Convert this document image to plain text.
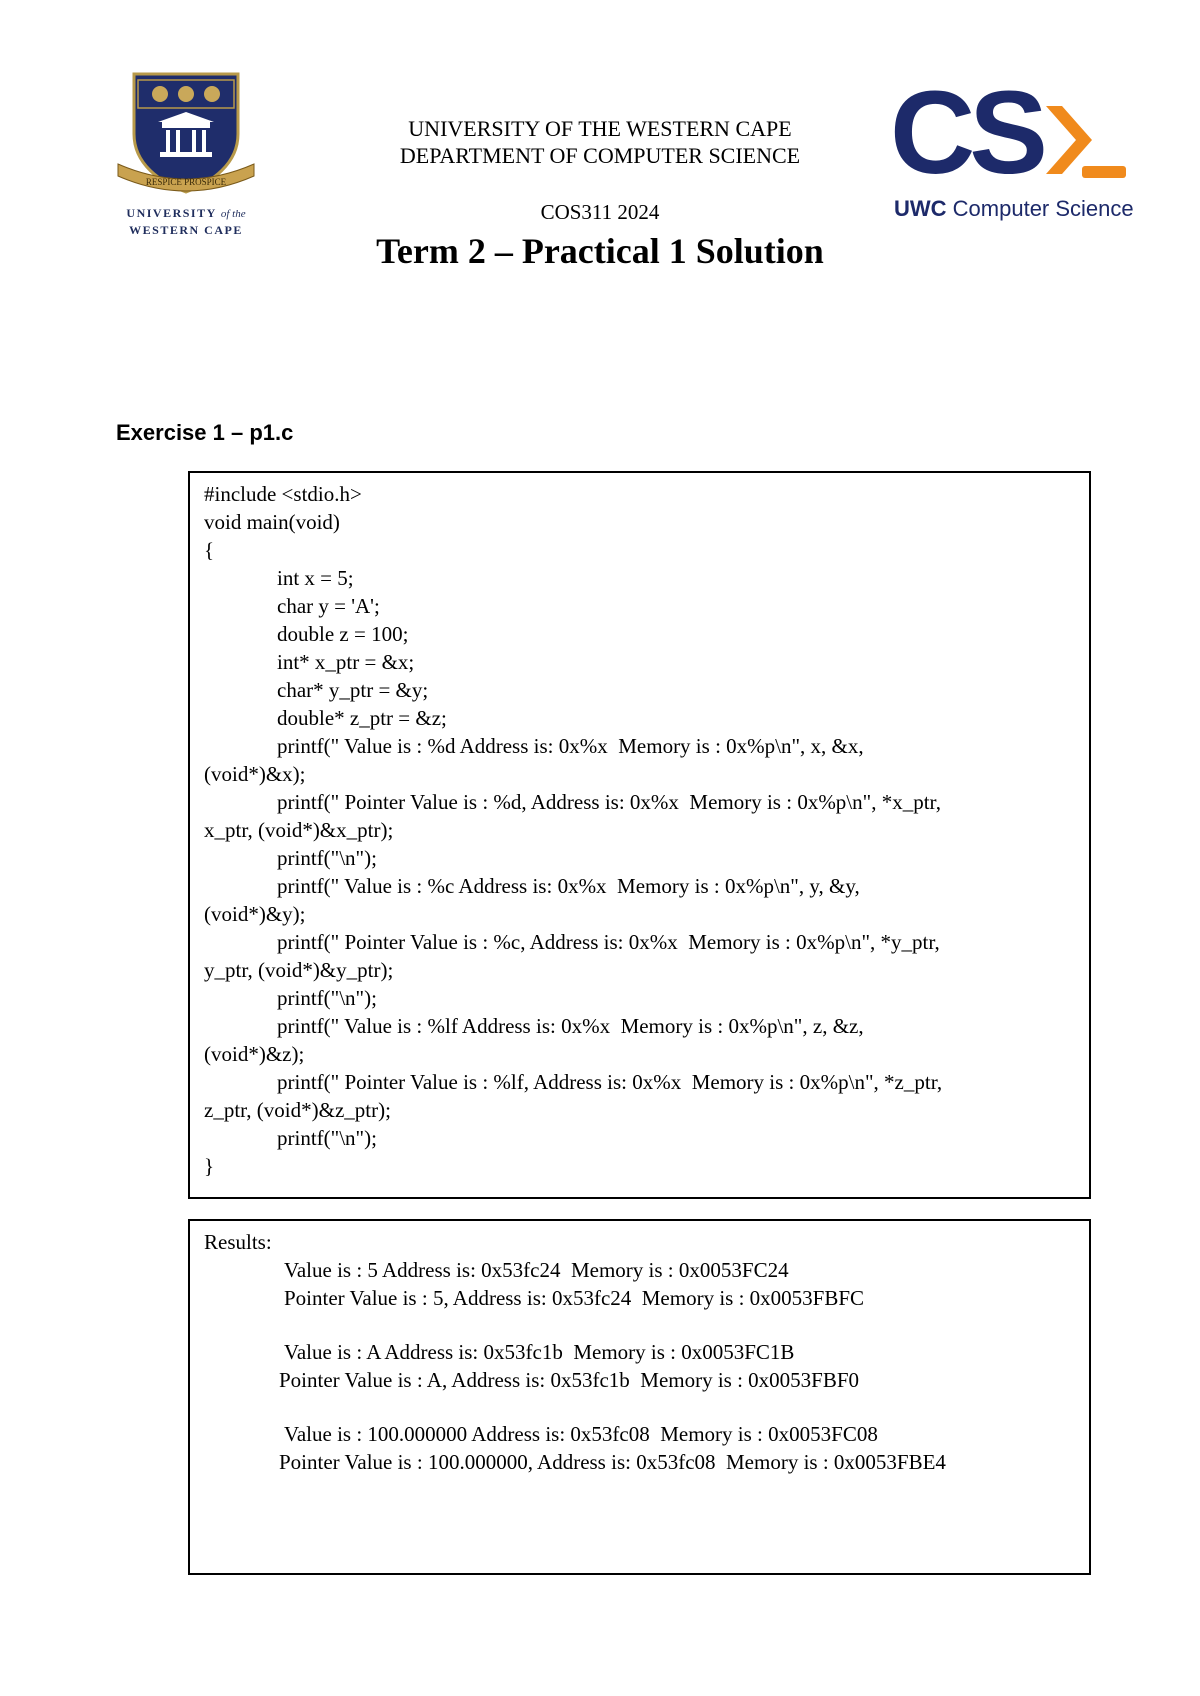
RESPICE PROSPICE
UNIVERSITY of the
WESTERN CAPE
UNIVERSITY OF THE WESTERN CAPE
DEPARTMENT OF COMPUTER SCIENCE
COS311 2024
Term 2 – Practical 1 Solution
CS
UWC Computer Science
Exercise 1 – p1.c
#include <stdio.h>
void main(void)
{
int x = 5;
char y = 'A';
double z = 100;
int* x_ptr = &x;
char* y_ptr = &y;
double* z_ptr = &z;
printf(" Value is : %d Address is: 0x%x  Memory is : 0x%p\n", x, &x,
(void*)&x);
printf(" Pointer Value is : %d, Address is: 0x%x  Memory is : 0x%p\n", *x_ptr,
x_ptr, (void*)&x_ptr);
printf("\n");
printf(" Value is : %c Address is: 0x%x  Memory is : 0x%p\n", y, &y,
(void*)&y);
printf(" Pointer Value is : %c, Address is: 0x%x  Memory is : 0x%p\n", *y_ptr,
y_ptr, (void*)&y_ptr);
printf("\n");
printf(" Value is : %lf Address is: 0x%x  Memory is : 0x%p\n", z, &z,
(void*)&z);
printf(" Pointer Value is : %lf, Address is: 0x%x  Memory is : 0x%p\n", *z_ptr,
z_ptr, (void*)&z_ptr);
printf("\n");
}
Results:
Value is : 5 Address is: 0x53fc24  Memory is : 0x0053FC24
Pointer Value is : 5, Address is: 0x53fc24  Memory is : 0x0053FBFC
Value is : A Address is: 0x53fc1b  Memory is : 0x0053FC1B
Pointer Value is : A, Address is: 0x53fc1b  Memory is : 0x0053FBF0
Value is : 100.000000 Address is: 0x53fc08  Memory is : 0x0053FC08
Pointer Value is : 100.000000, Address is: 0x53fc08  Memory is : 0x0053FBE4
